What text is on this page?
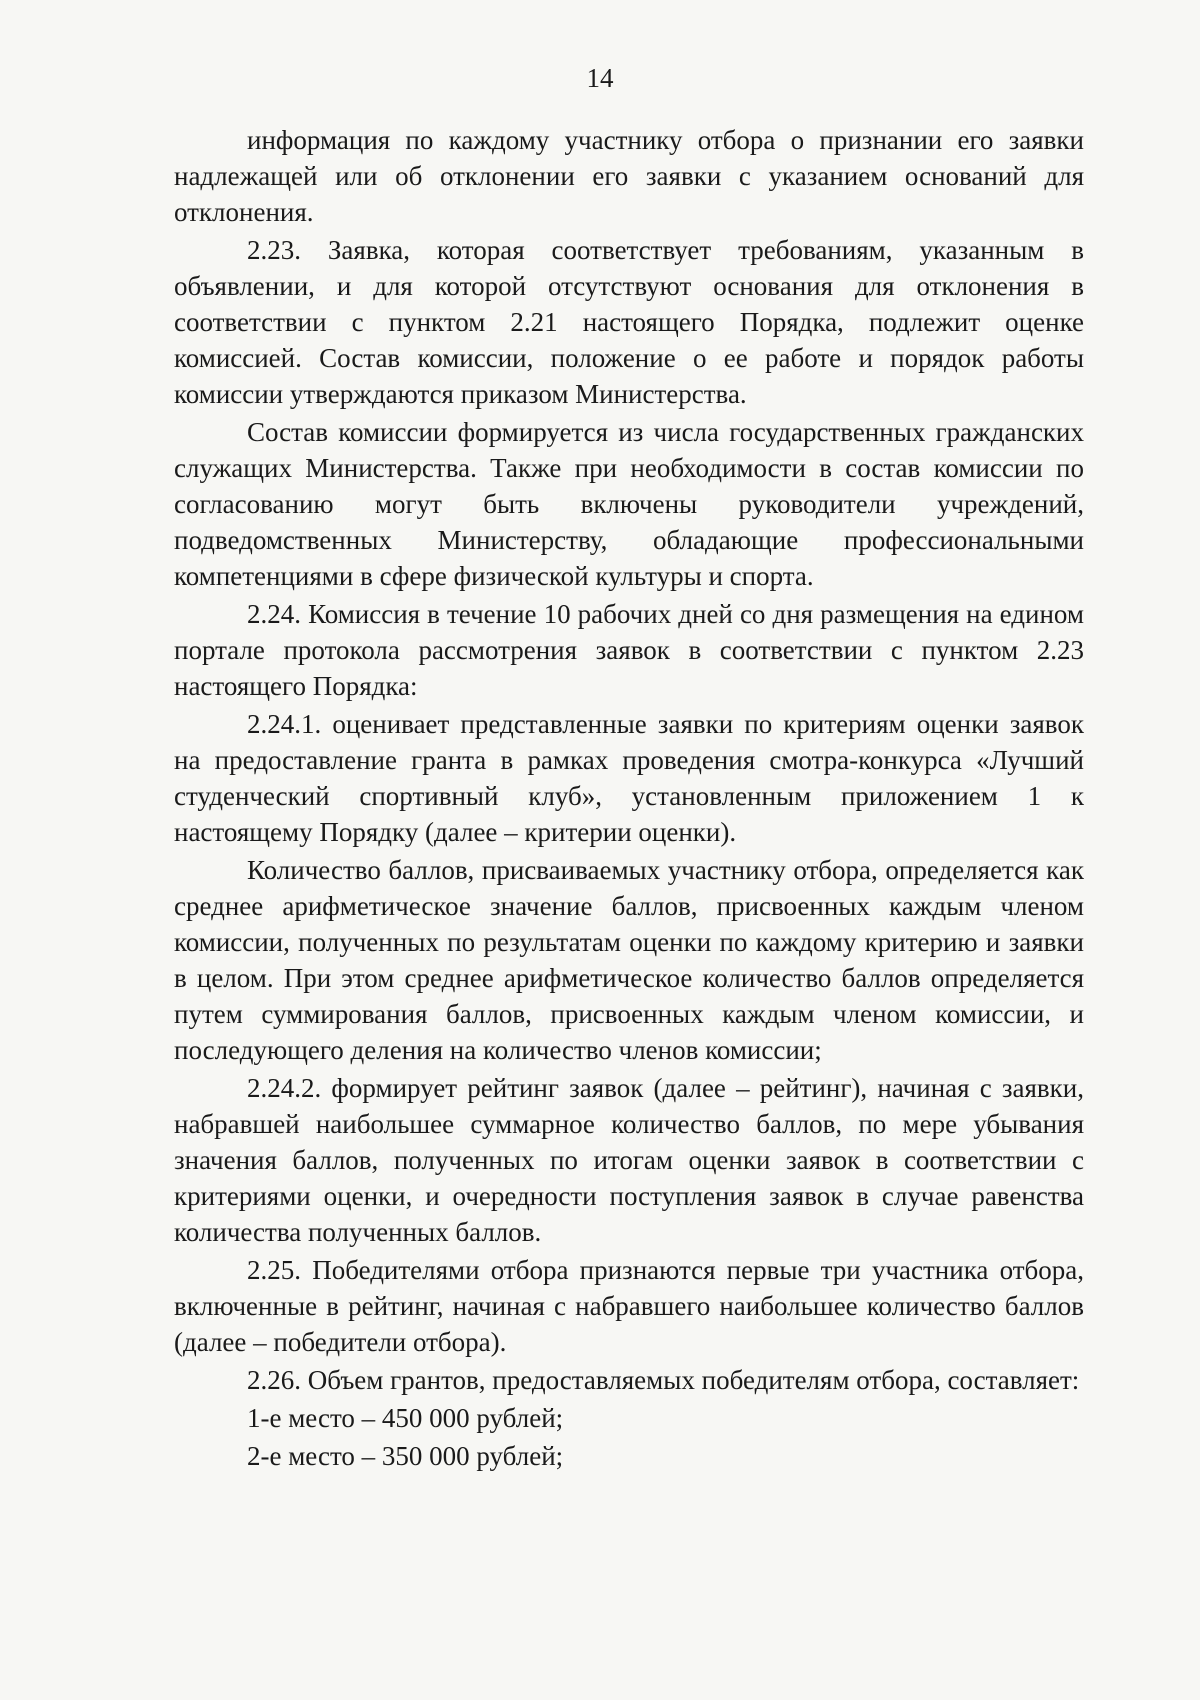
14

информация по каждому участнику отбора о признании его заявки надлежащей или об отклонении его заявки с указанием оснований для отклонения.

2.23. Заявка, которая соответствует требованиям, указанным в объявлении, и для которой отсутствуют основания для отклонения в соответствии с пунктом 2.21 настоящего Порядка, подлежит оценке комиссией. Состав комиссии, положение о ее работе и порядок работы комиссии утверждаются приказом Министерства.

Состав комиссии формируется из числа государственных гражданских служащих Министерства. Также при необходимости в состав комиссии по согласованию могут быть включены руководители учреждений, подведомственных Министерству, обладающие профессиональными компетенциями в сфере физической культуры и спорта.

2.24. Комиссия в течение 10 рабочих дней со дня размещения на едином портале протокола рассмотрения заявок в соответствии с пунктом 2.23 настоящего Порядка:

2.24.1. оценивает представленные заявки по критериям оценки заявок на предоставление гранта в рамках проведения смотра-конкурса «Лучший студенческий спортивный клуб», установленным приложением 1 к настоящему Порядку (далее – критерии оценки).

Количество баллов, присваиваемых участнику отбора, определяется как среднее арифметическое значение баллов, присвоенных каждым членом комиссии, полученных по результатам оценки по каждому критерию и заявки в целом. При этом среднее арифметическое количество баллов определяется путем суммирования баллов, присвоенных каждым членом комиссии, и последующего деления на количество членов комиссии;

2.24.2. формирует рейтинг заявок (далее – рейтинг), начиная с заявки, набравшей наибольшее суммарное количество баллов, по мере убывания значения баллов, полученных по итогам оценки заявок в соответствии с критериями оценки, и очередности поступления заявок в случае равенства количества полученных баллов.

2.25. Победителями отбора признаются первые три участника отбора, включенные в рейтинг, начиная с набравшего наибольшее количество баллов (далее – победители отбора).

2.26. Объем грантов, предоставляемых победителям отбора, составляет:

1-е место – 450 000 рублей;

2-е место – 350 000 рублей;
